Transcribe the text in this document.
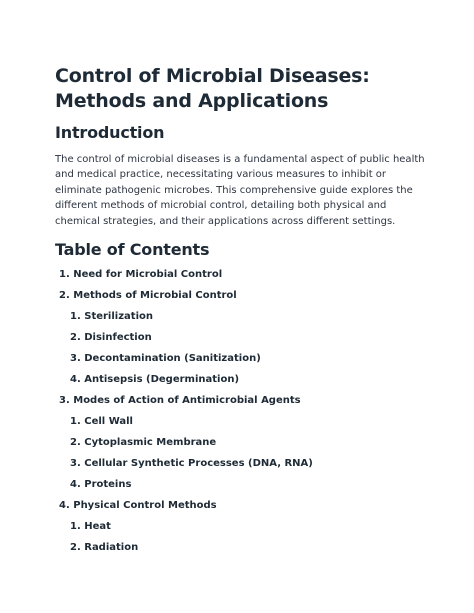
Control of Microbial Diseases: Methods and Applications
Introduction

The control of microbial diseases is a fundamental aspect of public health and medical practice, necessitating various measures to inhibit or eliminate pathogenic microbes. This comprehensive guide explores the different methods of microbial control, detailing both physical and chemical strategies, and their applications across different settings.

Table of Contents
1. Need for Microbial Control
2. Methods of Microbial Control
1. Sterilization
2. Disinfection
3. Decontamination (Sanitization)
4. Antisepsis (Degermination)
3. Modes of Action of Antimicrobial Agents
1. Cell Wall
2. Cytoplasmic Membrane
3. Cellular Synthetic Processes (DNA, RNA)
4. Proteins
4. Physical Control Methods
1. Heat
2. Radiation
